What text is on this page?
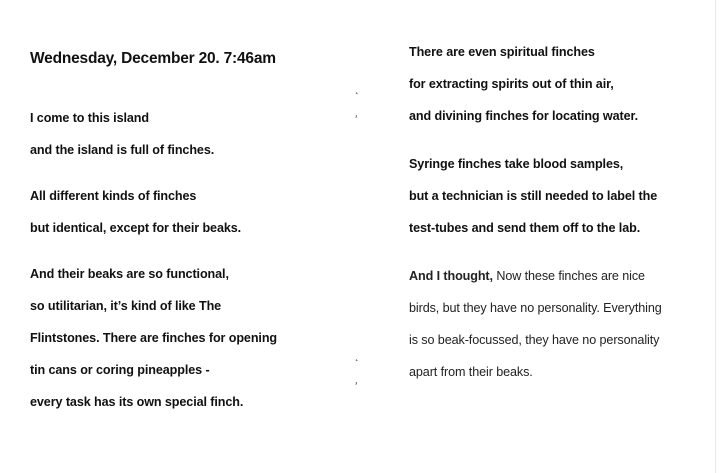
Wednesday, December 20. 7:46am
I come to this island
and the island is full of finches.
All different kinds of finches
but identical, except for their beaks.
And their beaks are so functional,
so utilitarian, it’s kind of like The
Flintstones. There are finches for opening
tin cans or coring pineapples -
every task has its own special finch.
There are even spiritual finches
for extracting spirits out of thin air,
and divining finches for locating water.
Syringe finches take blood samples,
but a technician is still needed to label the
test-tubes and send them off to the lab.
And I thought, Now these finches are nice
birds, but they have no personality. Everything
is so beak-focussed, they have no personality
apart from their beaks.
˛
⸴
˛
⸴
